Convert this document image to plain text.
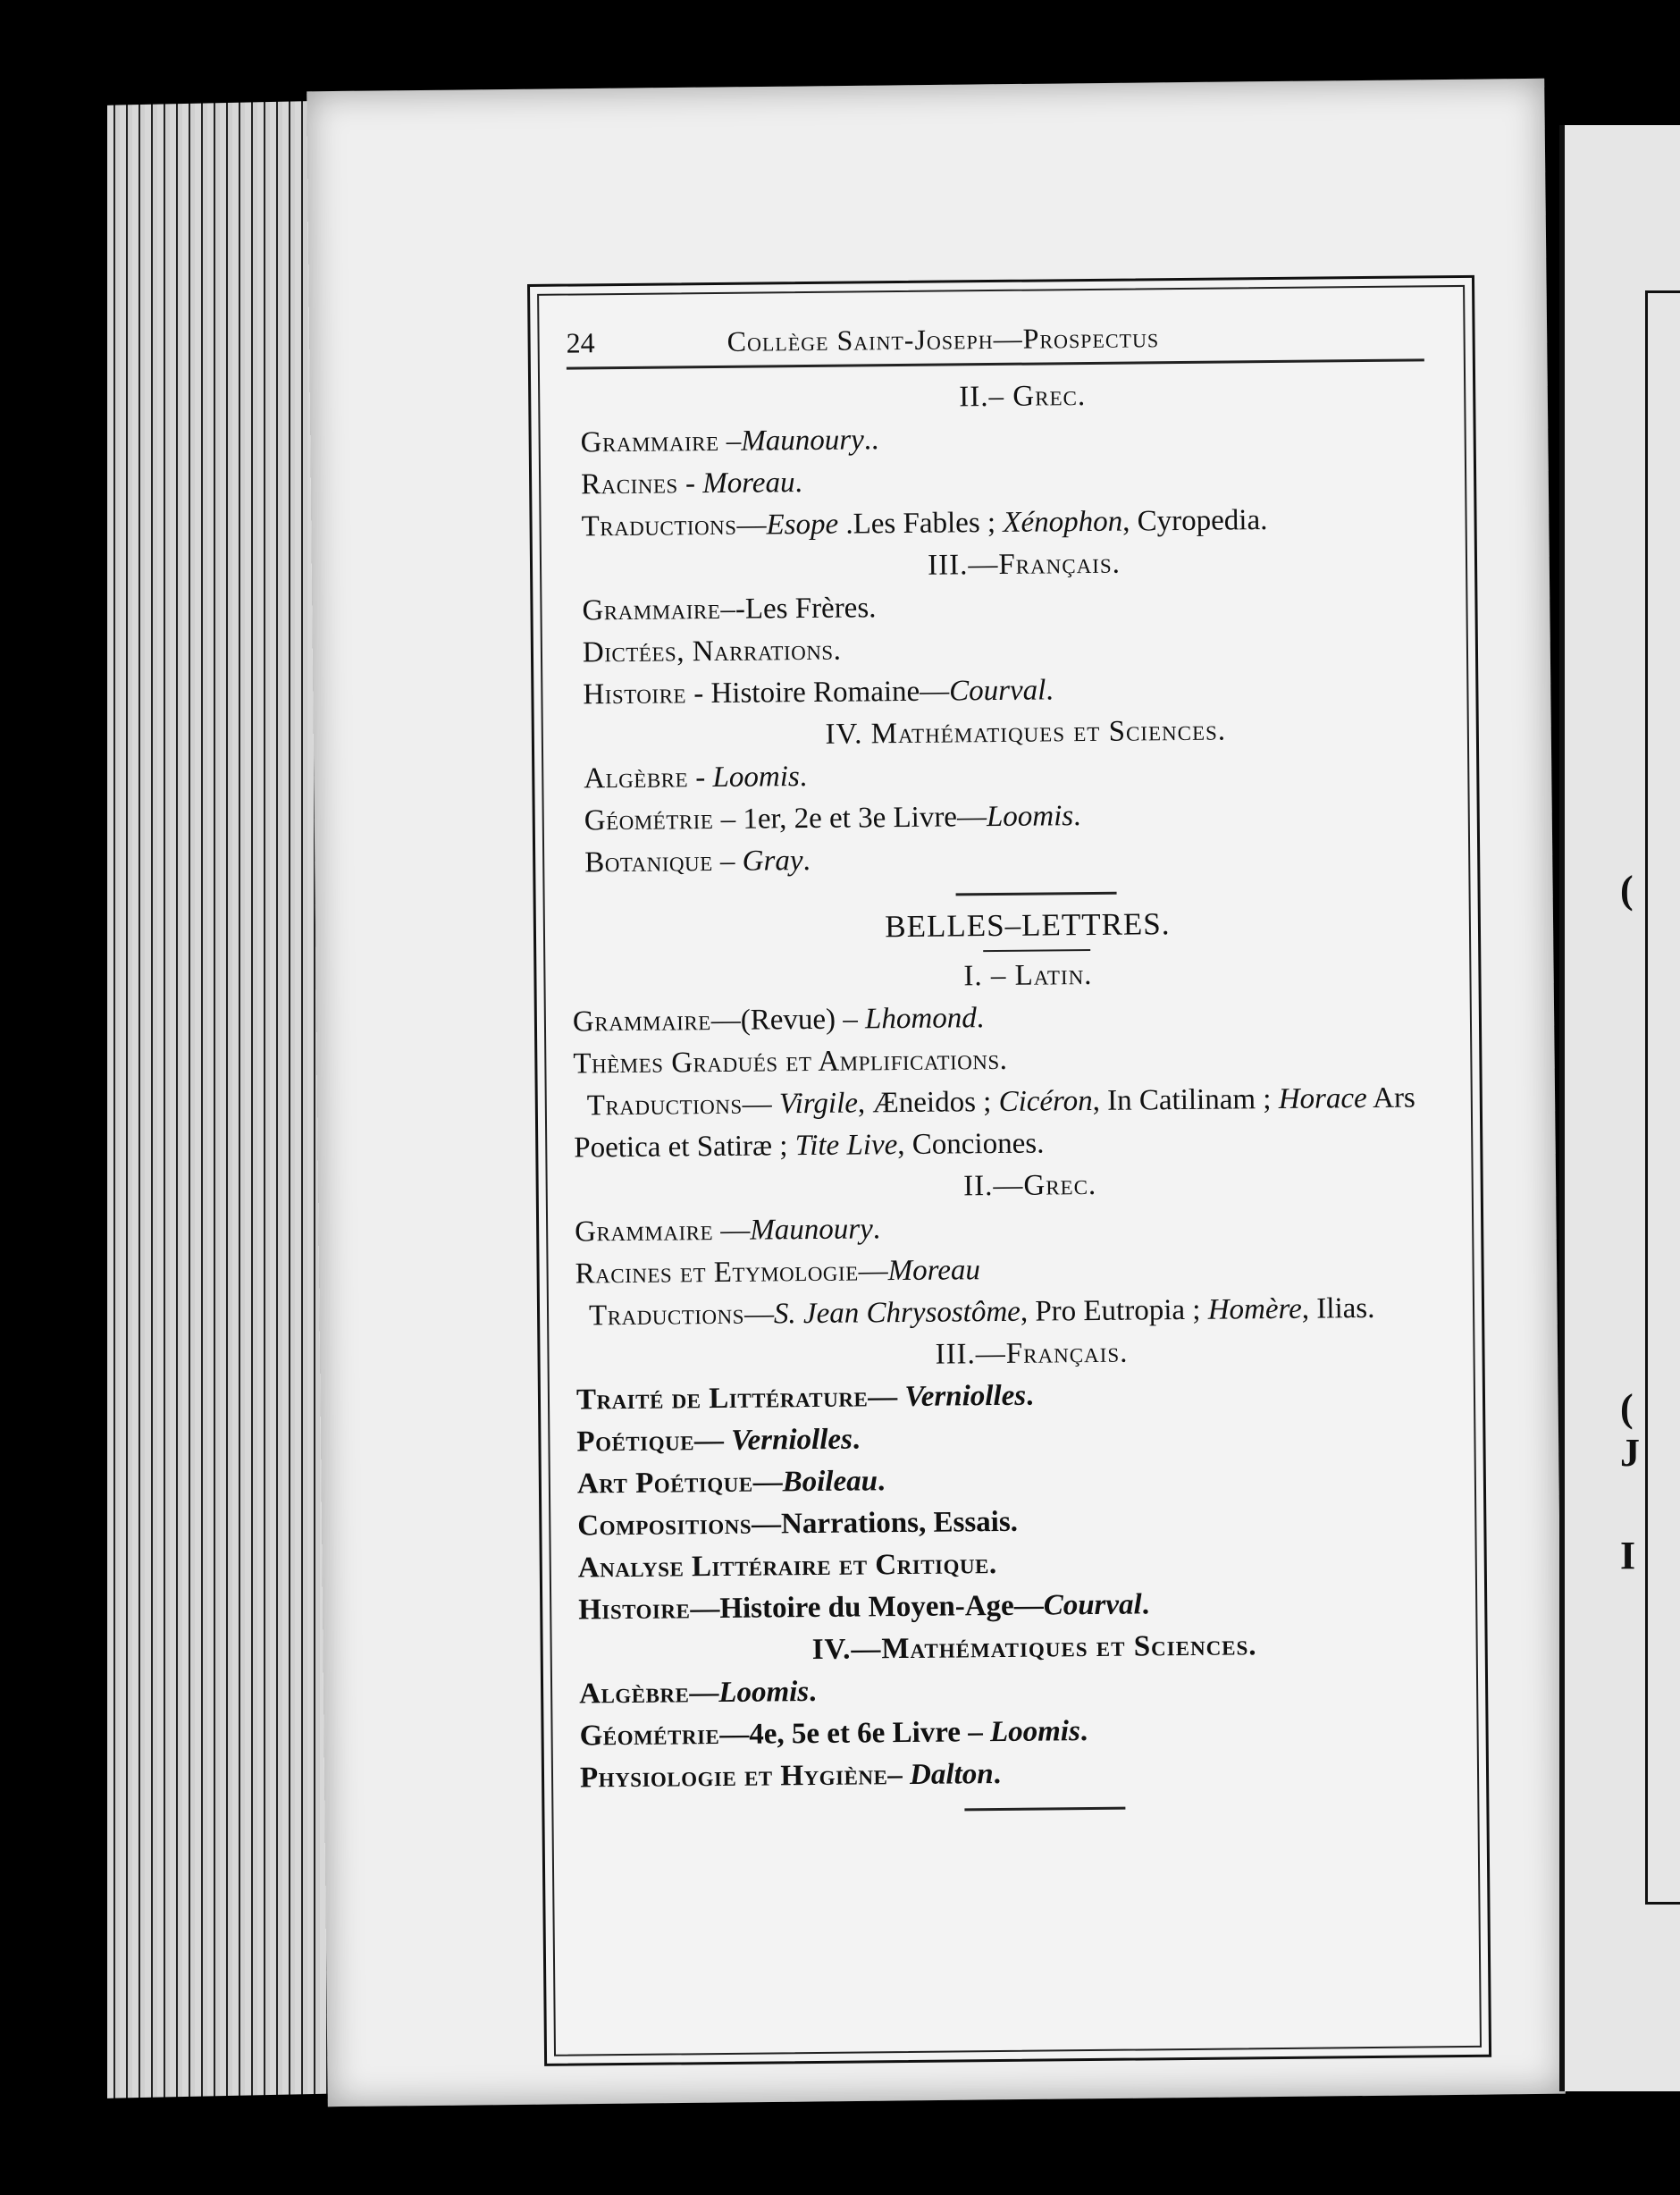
(
(
J
I
24	Collège Saint-Joseph—Prospectus
II.– Grec.
Grammaire –Maunoury..
Racines - Moreau.
Traductions—Esope .Les Fables ; Xénophon, Cyropedia.
III.—Français.
Grammaire–-Les Frères.
Dictées, Narrations.
Histoire - Histoire Romaine—Courval.
IV. Mathématiques et Sciences.
Algèbre - Loomis.
Géométrie – 1er, 2e et 3e Livre—Loomis.
Botanique – Gray.
BELLES–LETTRES.
I. – Latin.
Grammaire—(Revue) – Lhomond.
Thèmes Gradués et Amplifications.
Traductions— Virgile, Æneidos ; Cicéron, In Catilinam ; Horace Ars Poetica et Satiræ ; Tite Live, Conciones.
II.—Grec.
Grammaire —Maunoury.
Racines et Etymologie—Moreau
Traductions—S. Jean Chrysostôme, Pro Eutropia ; Homère, Ilias.
III.—Français.
Traité de Littérature— Verniolles.
Poétique— Verniolles.
Art Poétique—Boileau.
Compositions—Narrations, Essais.
Analyse Littéraire et Critique.
Histoire—Histoire du Moyen-Age—Courval.
IV.—Mathématiques et Sciences.
Algèbre—Loomis.
Géométrie—4e, 5e et 6e Livre – Loomis.
Physiologie et Hygiène– Dalton.
